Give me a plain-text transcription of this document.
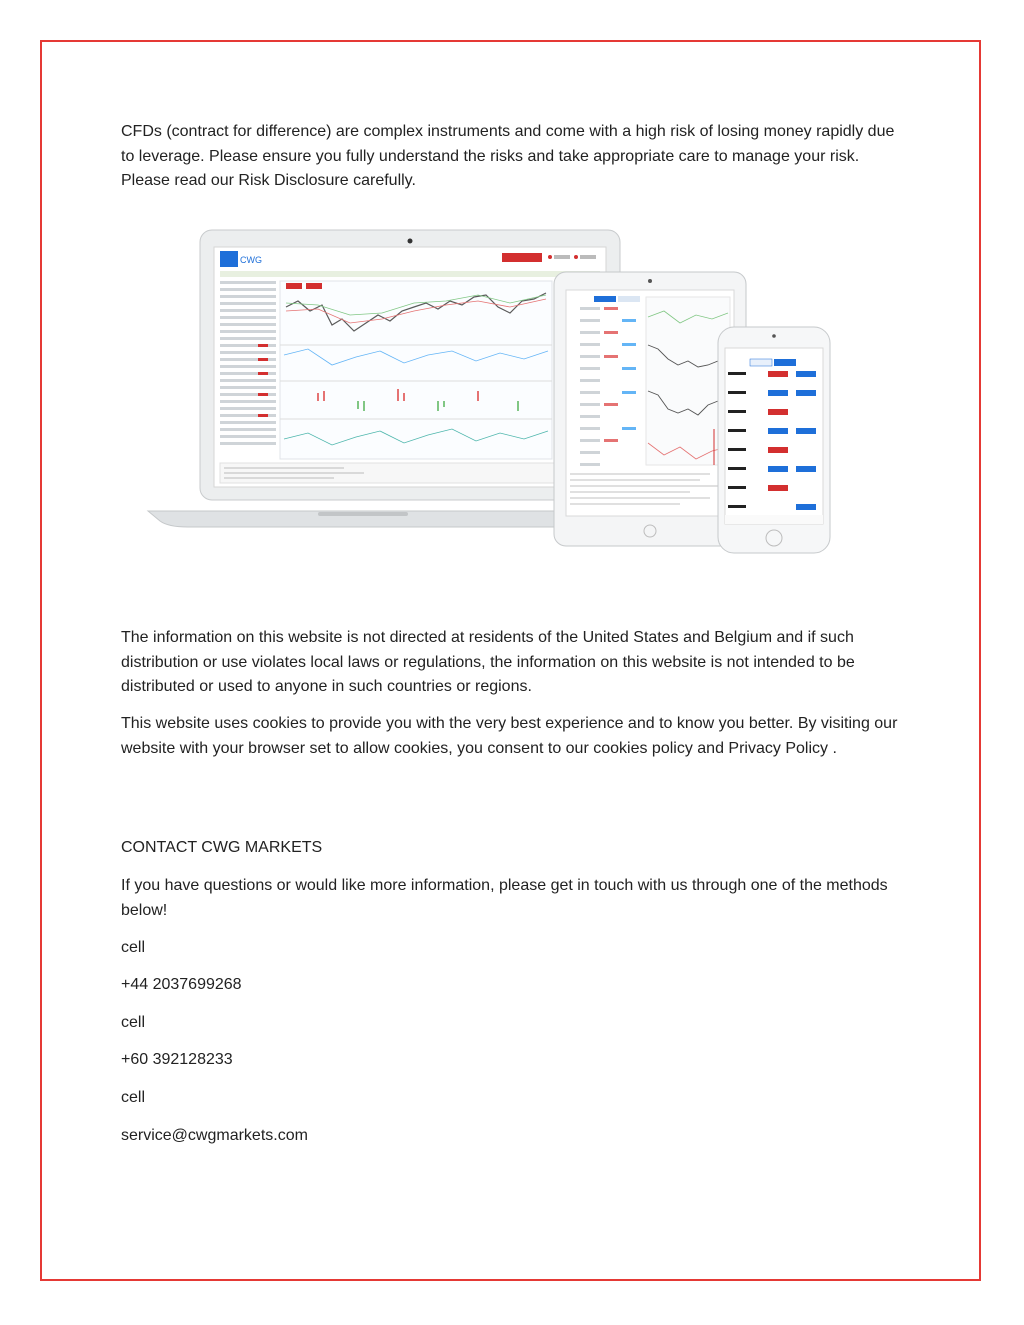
CFDs (contract for difference) are complex instruments and come with a high risk of losing money rapidly due to leverage. Please ensure you fully understand the risks and take appropriate care to manage your risk. Please read our Risk Disclosure carefully.

CWG

The information on this website is not directed at residents of the United States and Belgium and if such distribution or use violates local laws or regulations, the information on this website is not intended to be distributed or used to anyone in such countries or regions.

This website uses cookies to provide you with the very best experience and to know you better. By visiting our website with your browser set to allow cookies, you consent to our cookies policy and Privacy Policy .

CONTACT CWG MARKETS

If you have questions or would like more information, please get in touch with us through one of the methods below!

cell

+44 2037699268

cell

+60 392128233

cell

service@cwgmarkets.com
